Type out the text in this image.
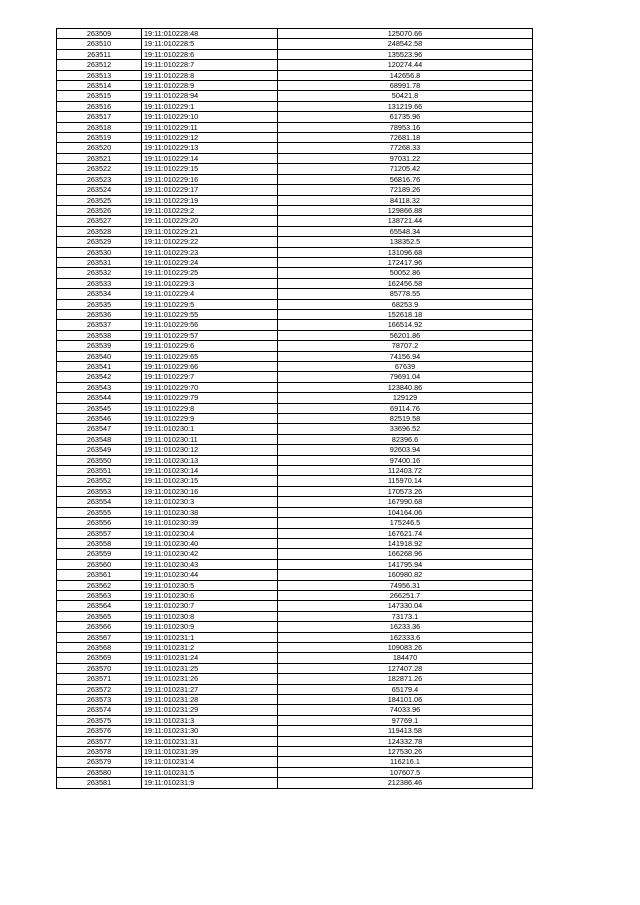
263509	19:11:010228:48	125070.66
263510	19:11:010228:5	248542.58
263511	19:11:010228:6	135523.96
263512	19:11:010228:7	120274.44
263513	19:11:010228:8	142656.8
263514	19:11:010228:9	68991.78
263515	19:11:010228:94	50421.8
263516	19:11:010229:1	131219.66
263517	19:11:010229:10	61735.96
263518	19:11:010229:11	78953.16
263519	19:11:010229:12	72681.18
263520	19:11:010229:13	77268.33
263521	19:11:010229:14	97031.22
263522	19:11:010229:15	71205.42
263523	19:11:010229:16	56816.76
263524	19:11:010229:17	72189.26
263525	19:11:010229:19	84118.32
263526	19:11:010229:2	129866.88
263527	19:11:010229:20	138721.44
263528	19:11:010229:21	65548.34
263529	19:11:010229:22	138352.5
263530	19:11:010229:23	131096.68
263531	19:11:010229:24	172417.96
263532	19:11:010229:25	50052.86
263533	19:11:010229:3	162456.58
263534	19:11:010229:4	85778.55
263535	19:11:010229:5	68253.9
263536	19:11:010229:55	152618.18
263537	19:11:010229:56	166514.92
263538	19:11:010229:57	56201.86
263539	19:11:010229:6	78707.2
263540	19:11:010229:65	74156.94
263541	19:11:010229:66	67639
263542	19:11:010229:7	79691.04
263543	19:11:010229:70	123840.86
263544	19:11:010229:79	129129
263545	19:11:010229:8	69114.76
263546	19:11:010229:9	82519.58
263547	19:11:010230:1	33696.52
263548	19:11:010230:11	82396.6
263549	19:11:010230:12	92603.94
263550	19:11:010230:13	97400.16
263551	19:11:010230:14	112403.72
263552	19:11:010230:15	115970.14
263553	19:11:010230:16	170573.26
263554	19:11:010230:3	167990.68
263555	19:11:010230:38	104164.06
263556	19:11:010230:39	175246.5
263557	19:11:010230:4	167621.74
263558	19:11:010230:40	141918.92
263559	19:11:010230:42	166268.96
263560	19:11:010230:43	141795.94
263561	19:11:010230:44	160980.82
263562	19:11:010230:5	74956.31
263563	19:11:010230:6	266251.7
263564	19:11:010230:7	147330.04
263565	19:11:010230:8	73173.1
263566	19:11:010230:9	16233.36
263567	19:11:010231:1	162333.6
263568	19:11:010231:2	109083.26
263569	19:11:010231:24	184470
263570	19:11:010231:25	127407.28
263571	19:11:010231:26	182871.26
263572	19:11:010231:27	65179.4
263573	19:11:010231:28	184101.06
263574	19:11:010231:29	74033.96
263575	19:11:010231:3	97769.1
263576	19:11:010231:30	119413.58
263577	19:11:010231:31	124332.78
263578	19:11:010231:39	127530.26
263579	19:11:010231:4	116216.1
263580	19:11:010231:5	107607.5
263581	19:11:010231:9	212386.46
